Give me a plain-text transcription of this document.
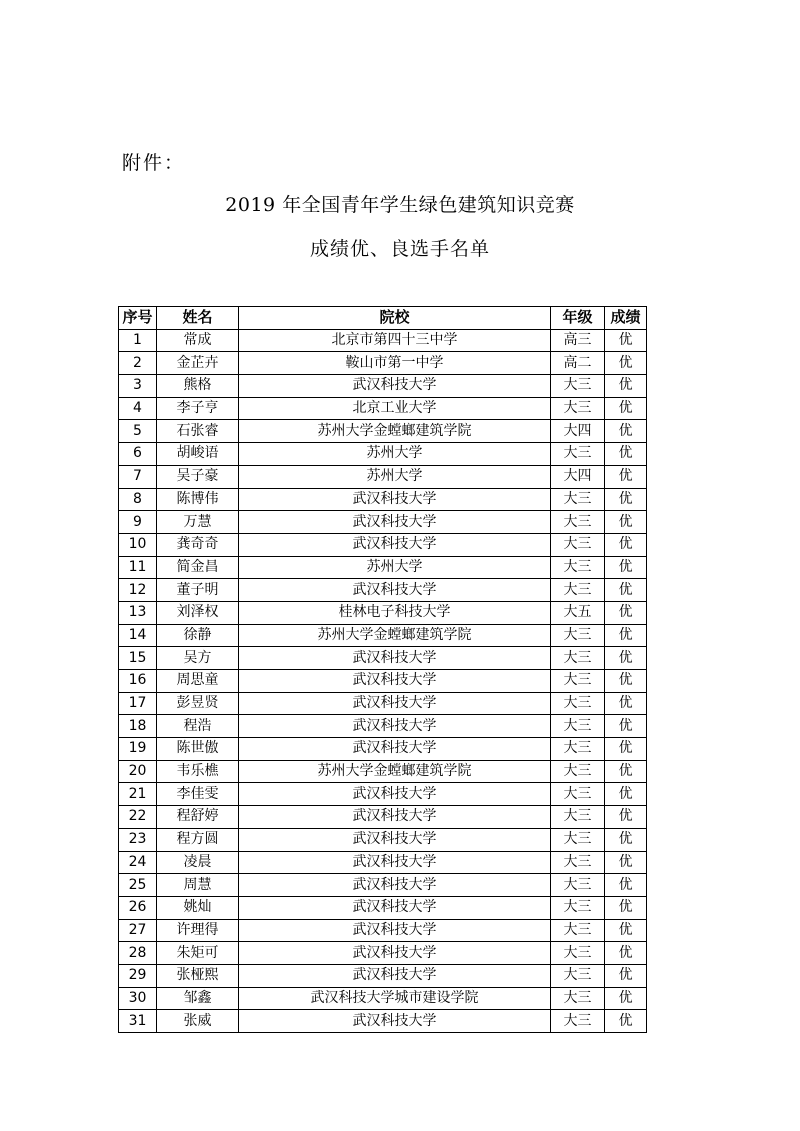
附件：
2019 年全国青年学生绿色建筑知识竞赛
成绩优、良选手名单
序号	姓名	院校	年级	成绩
1	常成	北京市第四十三中学	高三	优
2	金芷卉	鞍山市第一中学	高二	优
3	熊格	武汉科技大学	大三	优
4	李子亨	北京工业大学	大三	优
5	石张睿	苏州大学金螳螂建筑学院	大四	优
6	胡峻语	苏州大学	大三	优
7	吴子豪	苏州大学	大四	优
8	陈博伟	武汉科技大学	大三	优
9	万慧	武汉科技大学	大三	优
10	龚奇奇	武汉科技大学	大三	优
11	简金昌	苏州大学	大三	优
12	董子明	武汉科技大学	大三	优
13	刘泽权	桂林电子科技大学	大五	优
14	徐静	苏州大学金螳螂建筑学院	大三	优
15	吴方	武汉科技大学	大三	优
16	周思童	武汉科技大学	大三	优
17	彭昱贤	武汉科技大学	大三	优
18	程浩	武汉科技大学	大三	优
19	陈世傲	武汉科技大学	大三	优
20	韦乐樵	苏州大学金螳螂建筑学院	大三	优
21	李佳雯	武汉科技大学	大三	优
22	程舒婷	武汉科技大学	大三	优
23	程方圆	武汉科技大学	大三	优
24	凌晨	武汉科技大学	大三	优
25	周慧	武汉科技大学	大三	优
26	姚灿	武汉科技大学	大三	优
27	许理得	武汉科技大学	大三	优
28	朱矩可	武汉科技大学	大三	优
29	张桠熙	武汉科技大学	大三	优
30	邹鑫	武汉科技大学城市建设学院	大三	优
31	张威	武汉科技大学	大三	优
